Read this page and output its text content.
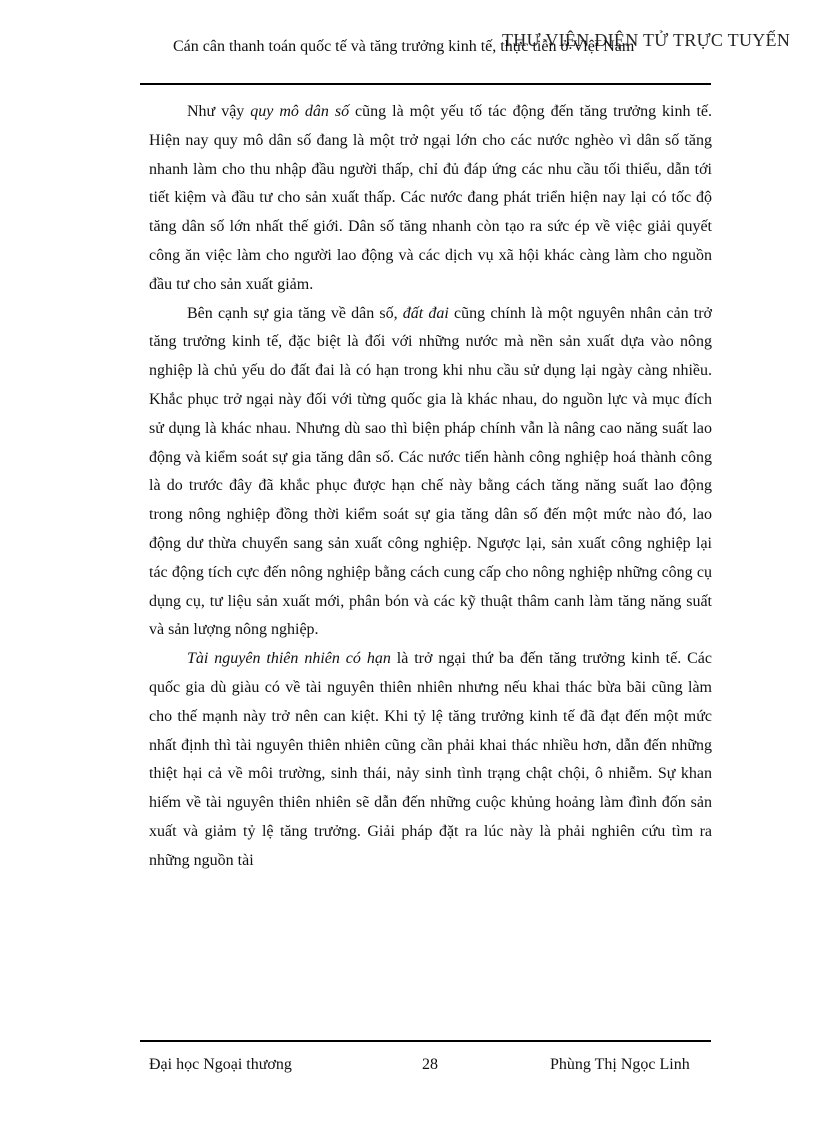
Cán cân thanh toán quốc tế và tăng trưởng kinh tế, thực tiễn ở Việt Nam
THƯ VIỆN ĐIỆN TỬ TRỰC TUYẾN

Như vậy quy mô dân số cũng là một yếu tố tác động đến tăng trưởng kinh tế. Hiện nay quy mô dân số đang là một trở ngại lớn cho các nước nghèo vì dân số tăng nhanh làm cho thu nhập đầu người thấp, chỉ đủ đáp ứng các nhu cầu tối thiểu, dẫn tới tiết kiệm và đầu tư cho sản xuất thấp. Các nước đang phát triển hiện nay lại có tốc độ tăng dân số lớn nhất thế giới. Dân số tăng nhanh còn tạo ra sức ép về việc giải quyết công ăn việc làm cho người lao động và các dịch vụ xã hội khác càng làm cho nguồn đầu tư cho sản xuất giảm.

Bên cạnh sự gia tăng về dân số, đất đai cũng chính là một nguyên nhân cản trở tăng trưởng kinh tế, đặc biệt là đối với những nước mà nền sản xuất dựa vào nông nghiệp là chủ yếu do đất đai là có hạn trong khi nhu cầu sử dụng lại ngày càng nhiều. Khắc phục trở ngại này đối với từng quốc gia là khác nhau, do nguồn lực và mục đích sử dụng là khác nhau. Nhưng dù sao thì biện pháp chính vẫn là nâng cao năng suất lao động và kiểm soát sự gia tăng dân số. Các nước tiến hành công nghiệp hoá thành công là do trước đây đã khắc phục được hạn chế này bằng cách tăng năng suất lao động trong nông nghiệp đồng thời kiểm soát sự gia tăng dân số đến một mức nào đó, lao động dư thừa chuyển sang sản xuất công nghiệp. Ngược lại, sản xuất công nghiệp lại tác động tích cực đến nông nghiệp bằng cách cung cấp cho nông nghiệp những công cụ dụng cụ, tư liệu sản xuất mới, phân bón và các kỹ thuật thâm canh làm tăng năng suất và sản lượng nông nghiệp.

Tài nguyên thiên nhiên có hạn là trở ngại thứ ba đến tăng trưởng kinh tế. Các quốc gia dù giàu có về tài nguyên thiên nhiên nhưng nếu khai thác bừa bãi cũng làm cho thế mạnh này trở nên can kiệt. Khi tỷ lệ tăng trưởng kinh tế đã đạt đến một mức nhất định thì tài nguyên thiên nhiên cũng cần phải khai thác nhiều hơn, dẫn đến những thiệt hại cả về môi trường, sinh thái, nảy sinh tình trạng chật chội, ô nhiễm. Sự khan hiếm về tài nguyên thiên nhiên sẽ dẫn đến những cuộc khủng hoảng làm đình đốn sản xuất và giảm tỷ lệ tăng trưởng. Giải pháp đặt ra lúc này là phải nghiên cứu tìm ra những nguồn tài

Đại học Ngoại thương	28	Phùng Thị Ngọc Linh
